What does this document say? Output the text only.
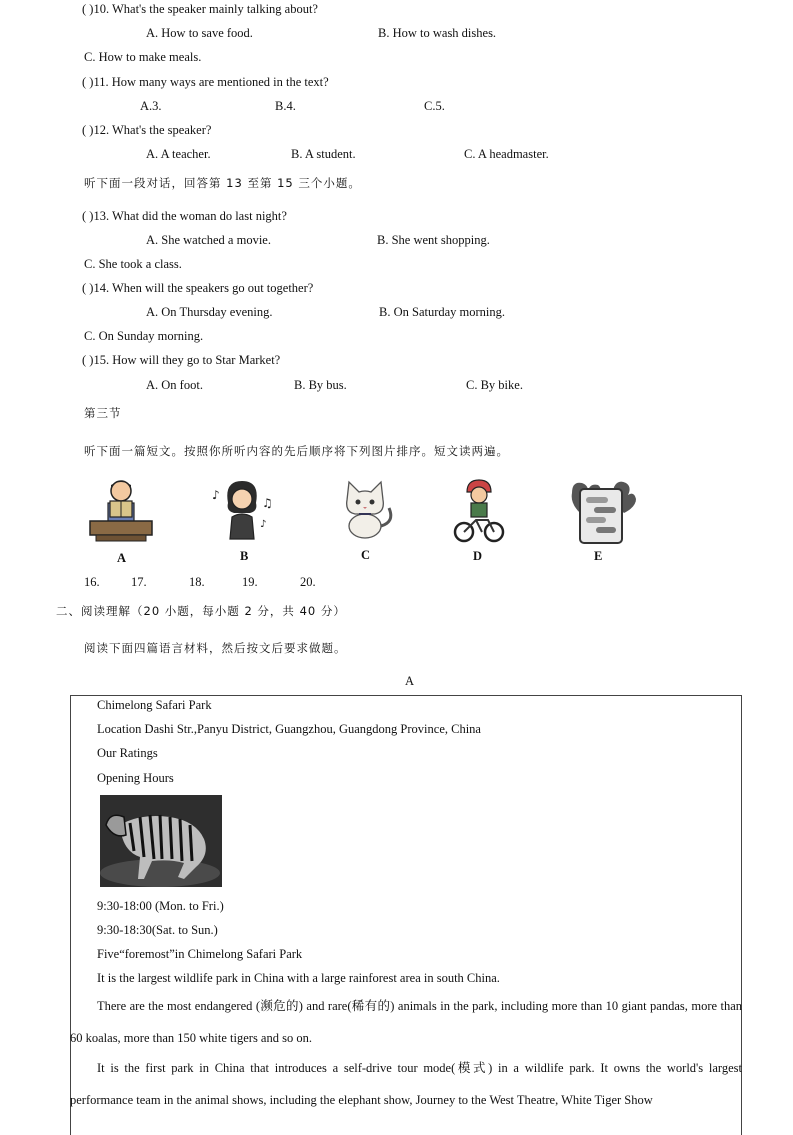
( )10. What's the speaker mainly talking about?
A. How to save food.	B. How to wash dishes.
C. How to make meals.
( )11. How many ways are mentioned in the text?
A.3.	B.4.	C.5.
( )12. What's the speaker?
A. A teacher.	B. A student.	C. A headmaster.
听下面一段对话，回答第 13 至第 15 三个小题。
( )13. What did the woman do last night?
A. She watched a movie.	B. She went shopping.
C. She took a class.
( )14. When will the speakers go out together?
A. On Thursday evening.	B. On Saturday morning.
C. On Sunday morning.
( )15. How will they go to Star Market?
A. On foot.	B. By bus.	C. By bike.
第三节
听下面一篇短文。按照你所听内容的先后顺序将下列图片排序。短文读两遍。
A
♪
♫
♪
B	C	D	E
16.	17.	18.	19.	20.
二、阅读理解（20 小题，每小题 2 分，共 40 分）
阅读下面四篇语言材料，然后按文后要求做题。
A
Chimelong Safari Park
Location Dashi Str.,Panyu District, Guangzhou, Guangdong Province, China
Our Ratings
Opening Hours
9:30-18:00 (Mon. to Fri.)
9:30-18:30(Sat. to Sun.)
Five“foremost”in Chimelong Safari Park
It is the largest wildlife park in China with a large rainforest area in south China.
There are the most endangered (濒危的) and rare(稀有的) animals in the park, including more than 10 giant pandas, more than 60 koalas, more than 150 white tigers and so on.
It is the first park in China that introduces a self-drive tour mode(模式) in a wildlife park. It owns the world's largest performance team in the animal shows, including the elephant show, Journey to the West Theatre, White Tiger Show
